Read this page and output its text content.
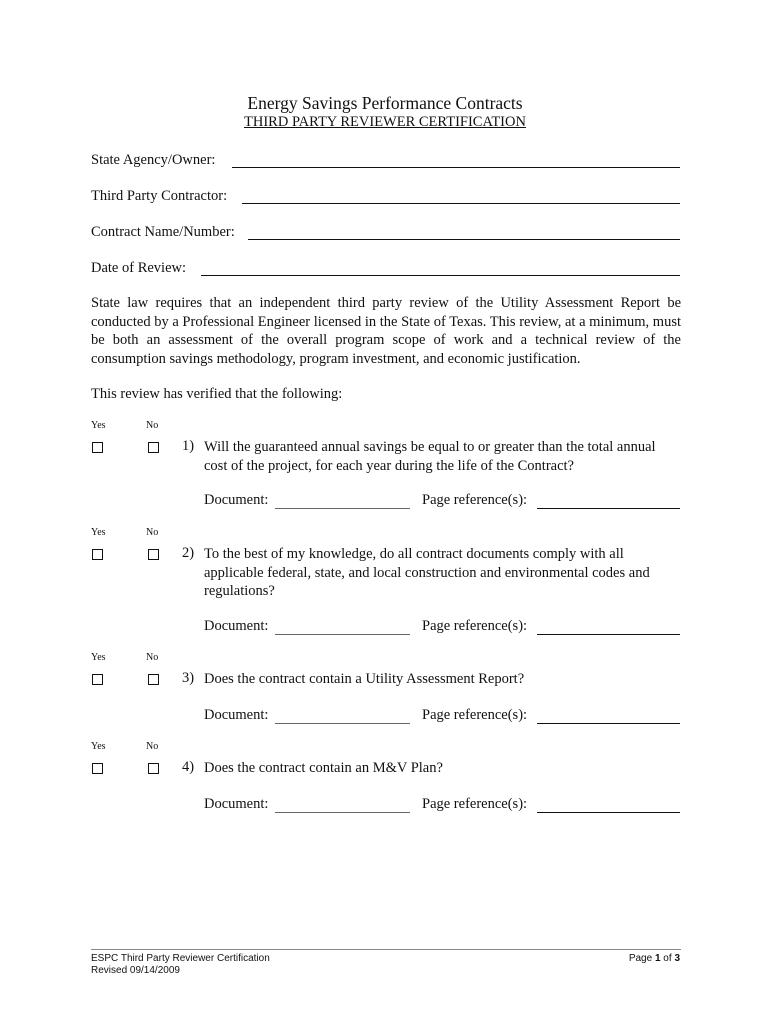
Energy Savings Performance Contracts
THIRD PARTY REVIEWER CERTIFICATION
State Agency/Owner:
Third Party Contractor:
Contract Name/Number:
Date of Review:
State law requires that an independent third party review of the Utility Assessment Report be conducted by a Professional Engineer licensed in the State of Texas. This review, at a minimum, must be both an assessment of the overall program scope of work and a technical review of the consumption savings methodology, program investment, and economic justification.
This review has verified that the following:
Yes	No
1) Will the guaranteed annual savings be equal to or greater than the total annual cost of the project, for each year during the life of the Contract?
Document:	Page reference(s):
Yes	No
2) To the best of my knowledge, do all contract documents comply with all applicable federal, state, and local construction and environmental codes and regulations?
Document:	Page reference(s):
Yes	No
3) Does the contract contain a Utility Assessment Report?
Document:	Page reference(s):
Yes	No
4) Does the contract contain an M&V Plan?
Document:	Page reference(s):
ESPC Third Party Reviewer Certification
Revised 09/14/2009
Page 1 of 3
